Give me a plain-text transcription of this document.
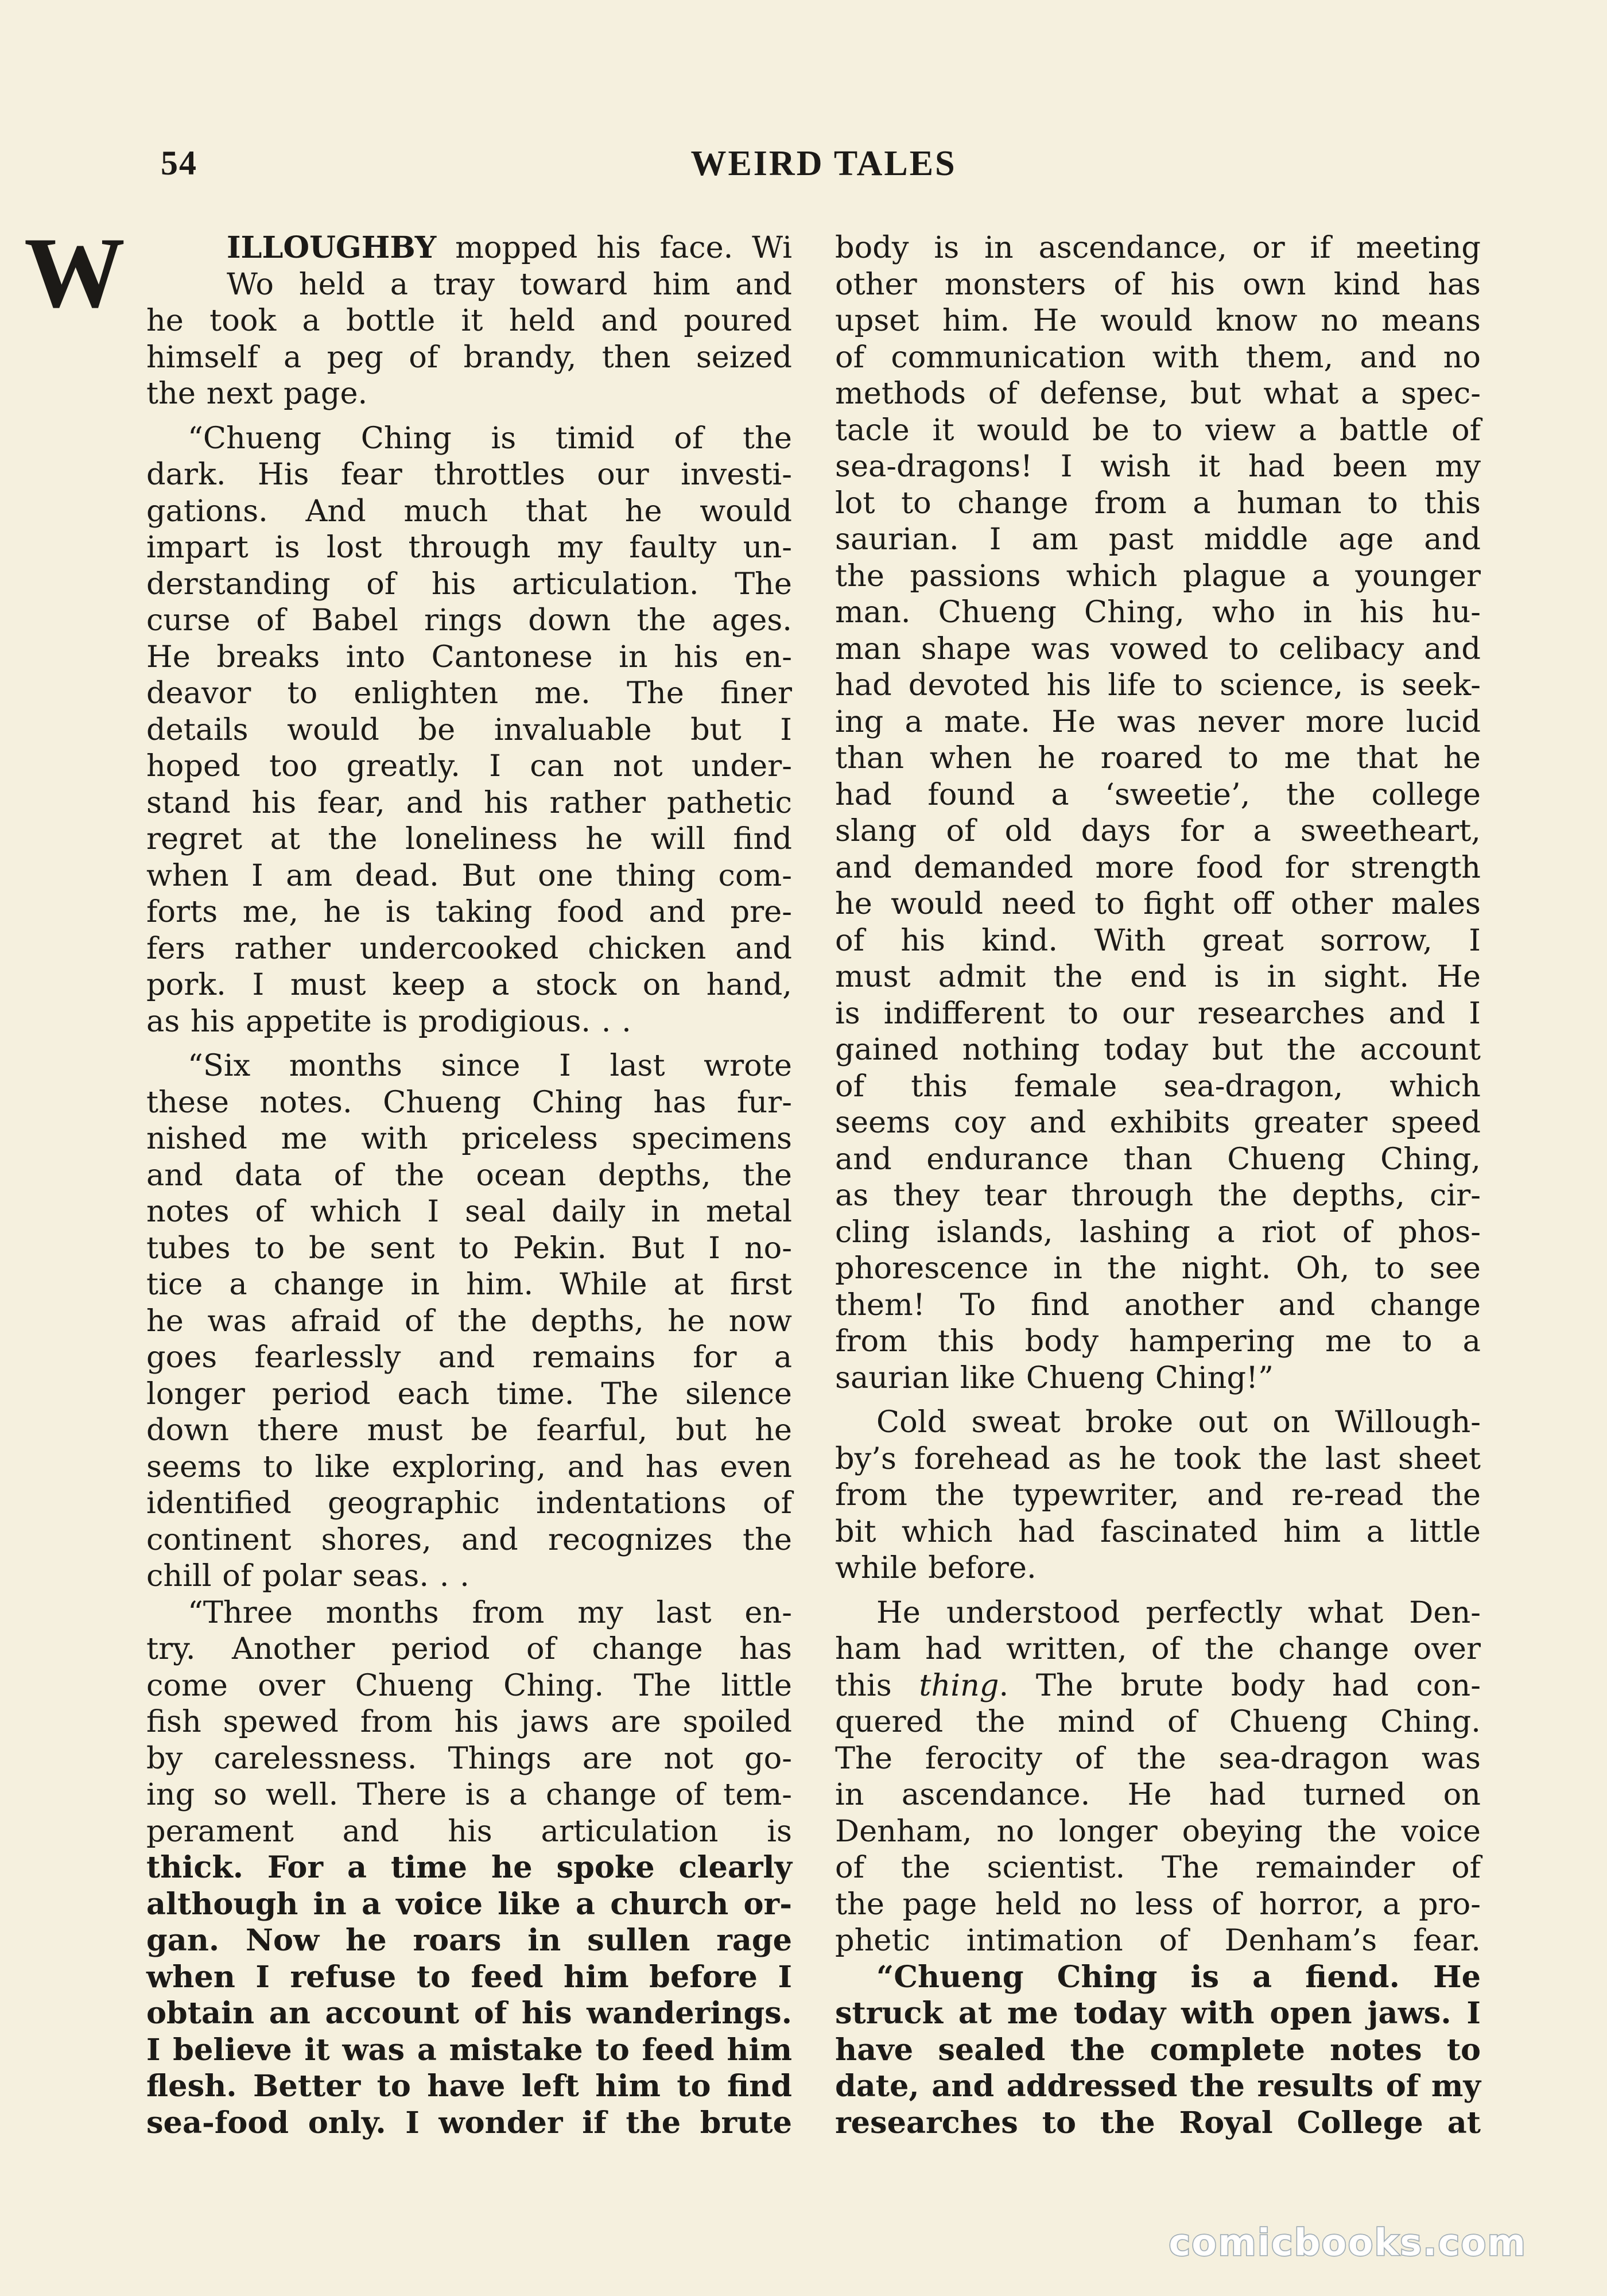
54	WEIRD TALES
W	ILLOUGHBY mopped his face. Wi
Wo held a tray toward him and
he took a bottle it held and poured
himself a peg of brandy, then seized
the next page.
“Chueng Ching is timid of the
dark. His fear throttles our investi-
gations. And much that he would
impart is lost through my faulty un-
derstanding of his articulation. The
curse of Babel rings down the ages.
He breaks into Cantonese in his en-
deavor to enlighten me. The finer
details would be invaluable but I
hoped too greatly. I can not under-
stand his fear, and his rather pathetic
regret at the loneliness he will find
when I am dead. But one thing com-
forts me, he is taking food and pre-
fers rather undercooked chicken and
pork. I must keep a stock on hand,
as his appetite is prodigious. . .
“Six months since I last wrote
these notes. Chueng Ching has fur-
nished me with priceless specimens
and data of the ocean depths, the
notes of which I seal daily in metal
tubes to be sent to Pekin. But I no-
tice a change in him. While at first
he was afraid of the depths, he now
goes fearlessly and remains for a
longer period each time. The silence
down there must be fearful, but he
seems to like exploring, and has even
identified geographic indentations of
continent shores, and recognizes the
chill of polar seas. . .
“Three months from my last en-
try. Another period of change has
come over Chueng Ching. The little
fish spewed from his jaws are spoiled
by carelessness. Things are not go-
ing so well. There is a change of tem-
perament and his articulation is
thick. For a time he spoke clearly
although in a voice like a church or-
gan. Now he roars in sullen rage
when I refuse to feed him before I
obtain an account of his wanderings.
I believe it was a mistake to feed him
flesh. Better to have left him to find
sea-food only. I wonder if the brute
body is in ascendance, or if meeting
other monsters of his own kind has
upset him. He would know no means
of communication with them, and no
methods of defense, but what a spec-
tacle it would be to view a battle of
sea-dragons! I wish it had been my
lot to change from a human to this
saurian. I am past middle age and
the passions which plague a younger
man. Chueng Ching, who in his hu-
man shape was vowed to celibacy and
had devoted his life to science, is seek-
ing a mate. He was never more lucid
than when he roared to me that he
had found a ‘sweetie’, the college
slang of old days for a sweetheart,
and demanded more food for strength
he would need to fight off other males
of his kind. With great sorrow, I
must admit the end is in sight. He
is indifferent to our researches and I
gained nothing today but the account
of this female sea-dragon, which
seems coy and exhibits greater speed
and endurance than Chueng Ching,
as they tear through the depths, cir-
cling islands, lashing a riot of phos-
phorescence in the night. Oh, to see
them! To find another and change
from this body hampering me to a
saurian like Chueng Ching!”
Cold sweat broke out on Willough-
by’s forehead as he took the last sheet
from the typewriter, and re-read the
bit which had fascinated him a little
while before.
He understood perfectly what Den-
ham had written, of the change over
this thing. The brute body had con-
quered the mind of Chueng Ching.
The ferocity of the sea-dragon was
in ascendance. He had turned on
Denham, no longer obeying the voice
of the scientist. The remainder of
the page held no less of horror, a pro-
phetic intimation of Denham’s fear.
“Chueng Ching is a fiend. He
struck at me today with open jaws. I
have sealed the complete notes to
date, and addressed the results of my
researches to the Royal College at
comicbooks.com
